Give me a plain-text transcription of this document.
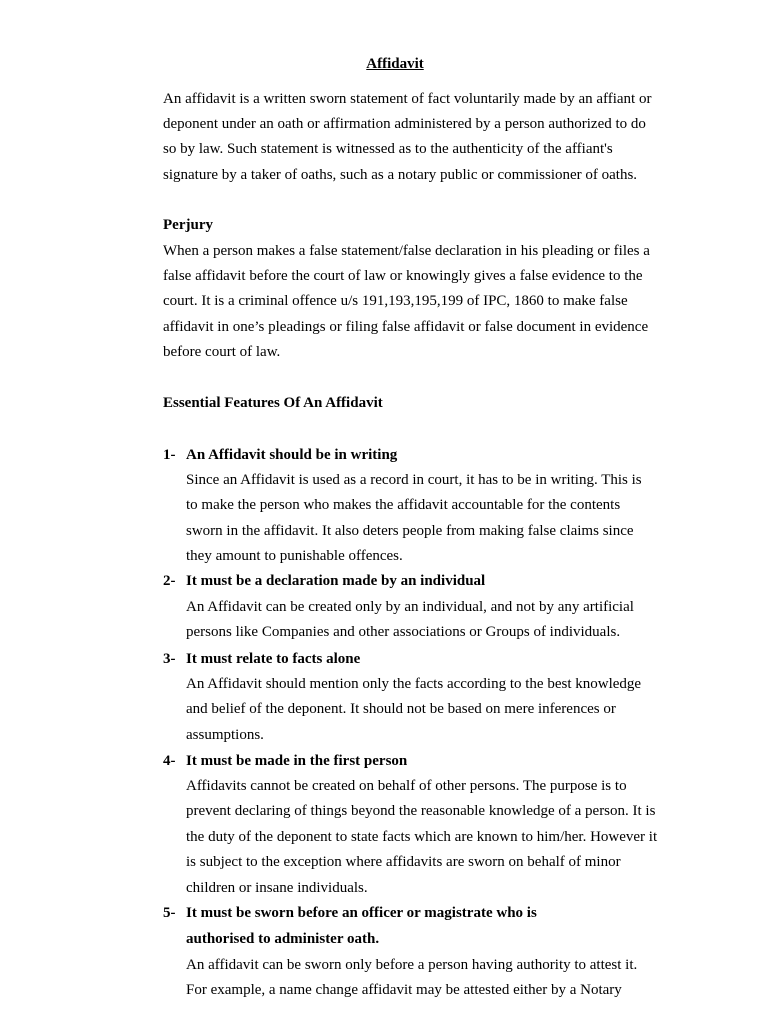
Affidavit

An affidavit is a written sworn statement of fact voluntarily made by an affiant or
deponent under an oath or affirmation administered by a person authorized to do
so by law. Such statement is witnessed as to the authenticity of the affiant's
signature by a taker of oaths, such as a notary public or commissioner of oaths.

Perjury

When a person makes a false statement/false declaration in his pleading or files a
false affidavit before the court of law or knowingly gives a false evidence to the
court. It is a criminal offence u/s 191,193,195,199 of IPC, 1860 to make false
affidavit in one’s pleadings or filing false affidavit or false document in evidence
before court of law.

Essential Features Of An Affidavit
1- An Affidavit should be in writing

Since an Affidavit is used as a record in court, it has to be in writing. This is
to make the person who makes the affidavit accountable for the contents
sworn in the affidavit. It also deters people from making false claims since
they amount to punishable offences.

2- It must be a declaration made by an individual

An Affidavit can be created only by an individual, and not by any artificial
persons like Companies and other associations or Groups of individuals.

3- It must relate to facts alone

An Affidavit should mention only the facts according to the best knowledge
and belief of the deponent. It should not be based on mere inferences or
assumptions.

4- It must be made in the first person

Affidavits cannot be created on behalf of other persons. The purpose is to
prevent declaring of things beyond the reasonable knowledge of a person. It is
the duty of the deponent to state facts which are known to him/her. However it
is subject to the exception where affidavits are sworn on behalf of minor
children or insane individuals.

5- It must be sworn before an officer or magistrate who is
authorised to administer oath.

An affidavit can be sworn only before a person having authority to attest it.
For example, a name change affidavit may be attested either by a Notary
